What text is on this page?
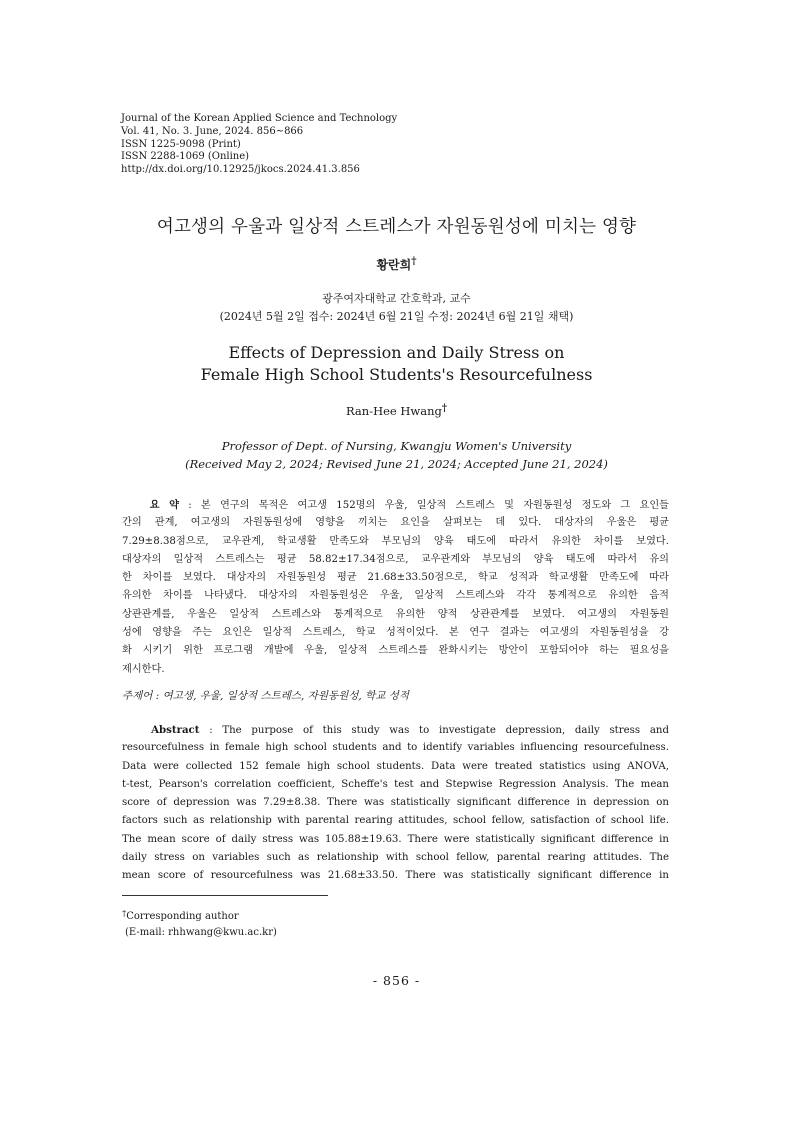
Journal of the Korean Applied Science and Technology
Vol. 41, No. 3. June, 2024. 856~866
ISSN 1225-9098 (Print)
ISSN 2288-1069 (Online)
http://dx.doi.org/10.12925/jkocs.2024.41.3.856
여고생의 우울과 일상적 스트레스가 자원동원성에 미치는 영향
황란희†
광주여자대학교 간호학과, 교수
(2024년 5월 2일 접수: 2024년 6월 21일 수정: 2024년 6월 21일 채택)
Effects of Depression and Daily Stress on
Female High School Students's Resourcefulness
Ran-Hee Hwang†
Professor of Dept. of Nursing, Kwangju Women's University
(Received May 2, 2024; Revised June 21, 2024; Accepted June 21, 2024)
요 약 : 본 연구의 목적은 여고생 152명의 우울, 일상적 스트레스 및 자원동원성 정도와 그 요인들
간의 관계, 여고생의 자원동원성에 영향을 끼치는 요인을 살펴보는 데 있다. 대상자의 우울은 평균
7.29±8.38점으로, 교우관계, 학교생활 만족도와 부모님의 양육 태도에 따라서 유의한 차이를 보였다.
대상자의 일상적 스트레스는 평균 58.82±17.34점으로, 교우관계와 부모님의 양육 태도에 따라서 유의
한 차이를 보였다. 대상자의 자원동원성 평균 21.68±33.50점으로, 학교 성적과 학교생활 만족도에 따라
유의한 차이를 나타냈다. 대상자의 자원동원성은 우울, 일상적 스트레스와 각각 통계적으로 유의한 음적
상관관계를, 우울은 일상적 스트레스와 통계적으로 유의한 양적 상관관계를 보였다. 여고생의 자원동원
성에 영향을 주는 요인은 일상적 스트레스, 학교 성적이었다. 본 연구 결과는 여고생의 자원동원성을 강
화 시키기 위한 프로그램 개발에 우울, 일상적 스트레스를 완화시키는 방안이 포함되어야 하는 필요성을
제시한다.
주제어 : 여고생, 우울, 일상적 스트레스, 자원동원성, 학교 성적
Abstract : The purpose of this study was to investigate depression, daily stress and
resourcefulness in female high school students and to identify variables influencing resourcefulness.
Data were collected 152 female high school students. Data were treated statistics using ANOVA,
t-test, Pearson's correlation coefficient, Scheffe's test and Stepwise Regression Analysis. The mean
score of depression was 7.29±8.38. There was statistically significant difference in depression on
factors such as relationship with parental rearing attitudes, school fellow, satisfaction of school life.
The mean score of daily stress was 105.88±19.63. There were statistically significant difference in
daily stress on variables such as relationship with school fellow, parental rearing attitudes. The
mean score of resourcefulness was 21.68±33.50. There was statistically significant difference in
†Corresponding author
(E-mail: rhhwang@kwu.ac.kr)
- 856 -
